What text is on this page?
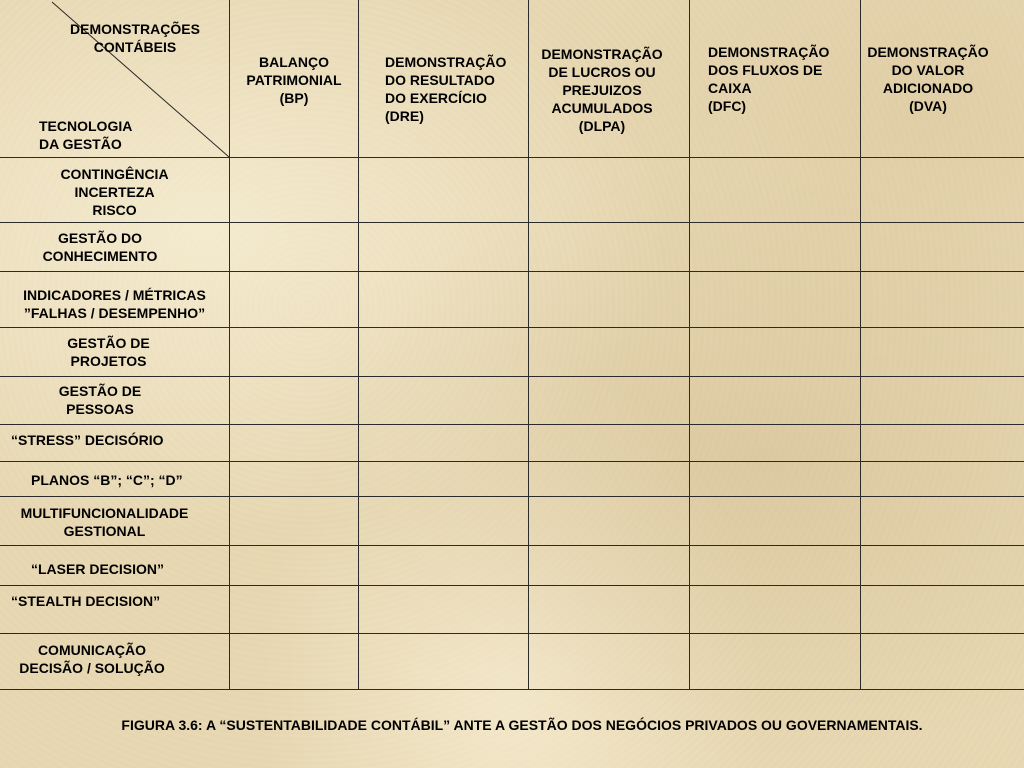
DEMONSTRAÇÕES
CONTÁBEIS
TECNOLOGIA
DA GESTÃO
BALANÇO
PATRIMONIAL
(BP)
DEMONSTRAÇÃO
DO RESULTADO
DO EXERCÍCIO
(DRE)
DEMONSTRAÇÃO
DE LUCROS OU
PREJUIZOS
ACUMULADOS
(DLPA)
DEMONSTRAÇÃO
DOS FLUXOS DE
CAIXA
(DFC)
DEMONSTRAÇÃO
DO VALOR
ADICIONADO
(DVA)
CONTINGÊNCIA
INCERTEZA
RISCO
GESTÃO DO
CONHECIMENTO
INDICADORES / MÉTRICAS
”FALHAS / DESEMPENHO”
GESTÃO DE
PROJETOS
GESTÃO DE
PESSOAS
“STRESS” DECISÓRIO
PLANOS “B”; “C”; “D”
MULTIFUNCIONALIDADE
GESTIONAL
“LASER DECISION”
“STEALTH DECISION”
COMUNICAÇÃO
DECISÃO / SOLUÇÃO
FIGURA 3.6: A “SUSTENTABILIDADE CONTÁBIL” ANTE A GESTÃO DOS NEGÓCIOS PRIVADOS OU GOVERNAMENTAIS.
